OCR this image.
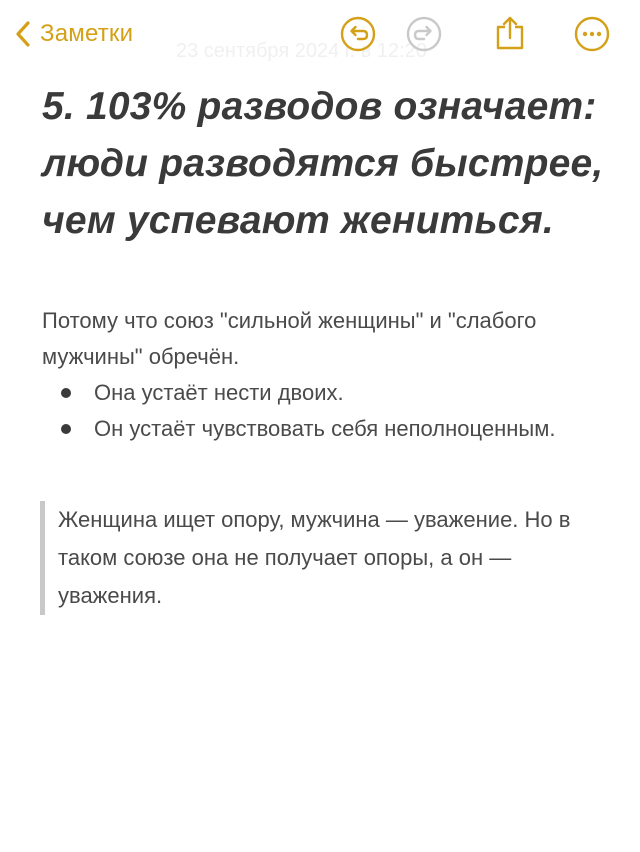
Заметки
23 сентября 2024 г. в 12:20
5. 103% разводов означает: люди разводятся быстрее, чем успевают жениться.

Потому что союз "сильной женщины" и "слабого мужчины" обречён.

Она устаёт нести двоих.
Он устаёт чувствовать себя неполноценным.
Женщина ищет опору, мужчина — уважение. Но в таком союзе она не получает опоры, а он — уважения.
